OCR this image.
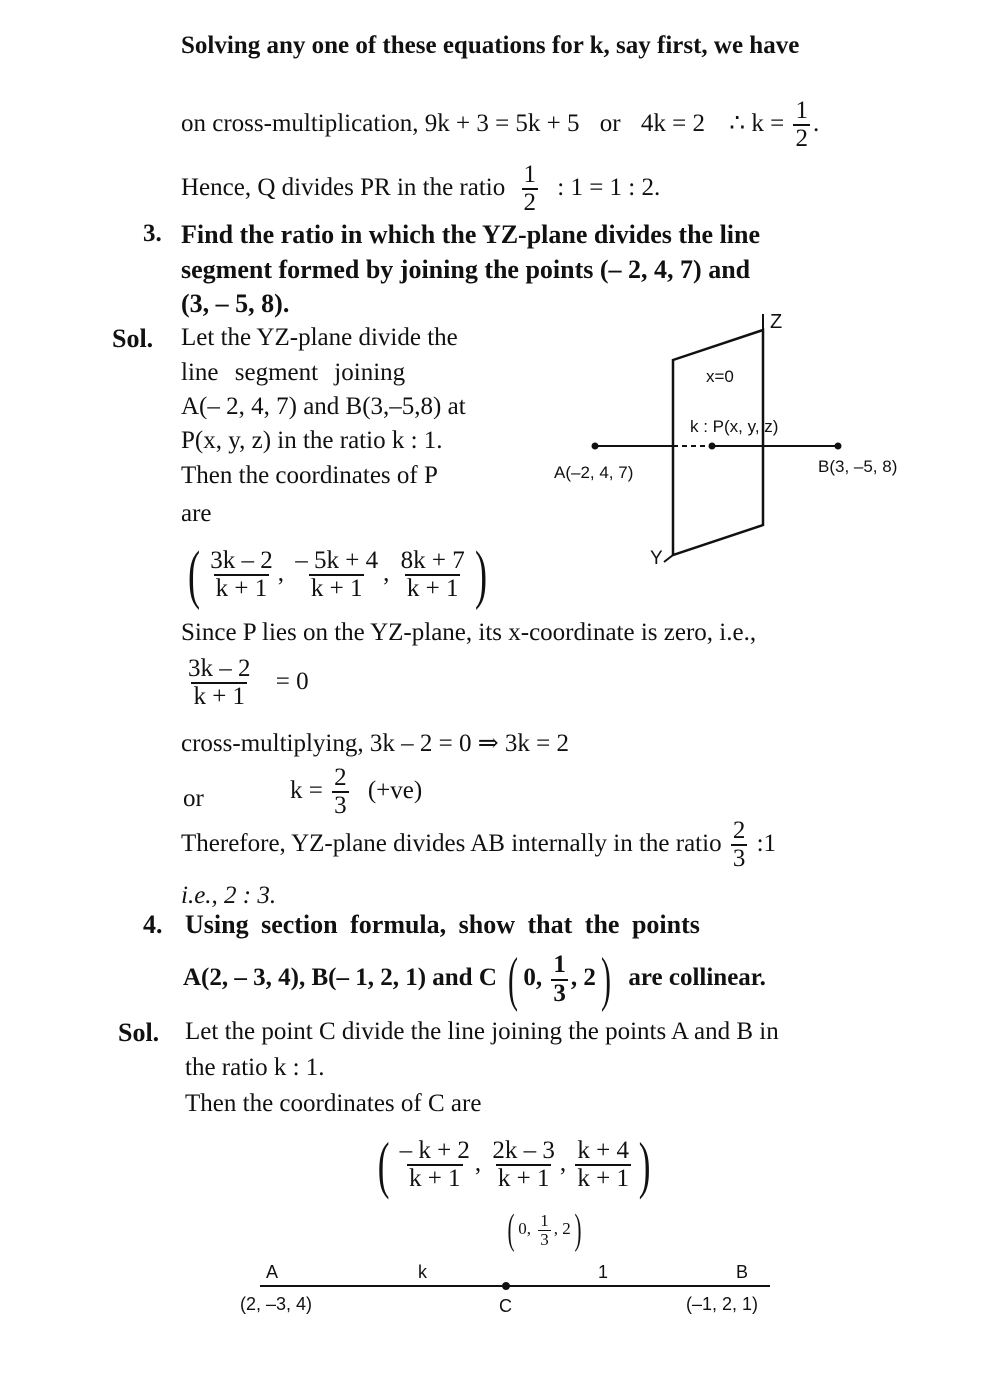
Solving any one of these equations for k, say first, we have
on cross-multiplication, 9k + 3 = 5k + 5 or 4k = 2 ∴ $k = \frac{1}{2}$ .
Hence, Q divides PR in the ratio $\frac{1}{2}$ : 1 = 1 : 2.
3. Find the ratio in which the YZ-plane divides the line
segment formed by joining the points (– 2, 4, 7) and
(3, – 5, 8).
Sol. Let the YZ-plane divide the
line segment joining
A(– 2, 4, 7) and B(3,–5,8) at
P(x, y, z) in the ratio k : 1.
Then the coordinates of P
are
Z
Y
x=0
k : P(x, y, z)
A(–2, 4, 7)	B(3, –5, 8)
( $\frac{3k - 2}{k + 1}$ , $\frac{- 5k + 4}{k + 1}$ , $\frac{8k + 7}{k + 1}$ )
Since P lies on the YZ-plane, its x-coordinate is zero, i.e.,
$\frac{3k - 2}{k + 1} = 0$
cross-multiplying, 3k – 2 = 0 ⇒ 3k = 2
or	$k = \frac{2}{3} (+ve)$
Therefore, YZ-plane divides AB internally in the ratio $\frac{2}{3}$ :1
i.e., 2 : 3.
4. Using section formula, show that the points
A(2, – 3, 4), B(– 1, 2, 1) and C ( 0, $\frac{1}{3}$ , 2 ) are collinear.
Sol. Let the point C divide the line joining the points A and B in
the ratio k : 1.
Then the coordinates of C are
( $\frac{- k + 2}{k + 1}$ , $\frac{2k - 3}{k + 1}$ , $\frac{k + 4}{k + 1}$ )
( 0, $\frac{1}{3}$ , 2 )
A
(2, –3, 4)
k	1
C
B
(–1, 2, 1)
